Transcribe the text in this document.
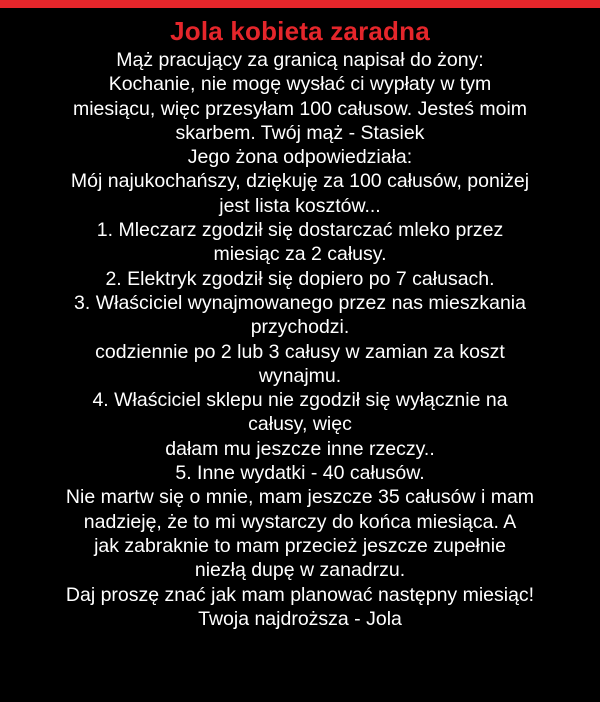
Jola kobieta zaradna
Mąż pracujący za granicą napisał do żony:
Kochanie, nie mogę wysłać ci wypłaty w tym
miesiącu, więc przesyłam 100 całusow. Jesteś moim
skarbem. Twój mąż - Stasiek
Jego żona odpowiedziała:
Mój najukochańszy, dziękuję za 100 całusów, poniżej
jest lista kosztów...
1. Mleczarz zgodził się dostarczać mleko przez
miesiąc za 2 całusy.
2. Elektryk zgodził się dopiero po 7 całusach.
3. Właściciel wynajmowanego przez nas mieszkania
przychodzi.
codziennie po 2 lub 3 całusy w zamian za koszt
wynajmu.
4. Właściciel sklepu nie zgodził się wyłącznie na
całusy, więc
dałam mu jeszcze inne rzeczy..
5. Inne wydatki - 40 całusów.
Nie martw się o mnie, mam jeszcze 35 całusów i mam
nadzieję, że to mi wystarczy do końca miesiąca. A
jak zabraknie to mam przecież jeszcze zupełnie
niezłą dupę w zanadrzu.
Daj proszę znać jak mam planować następny miesiąc!
Twoja najdroższa - Jola
